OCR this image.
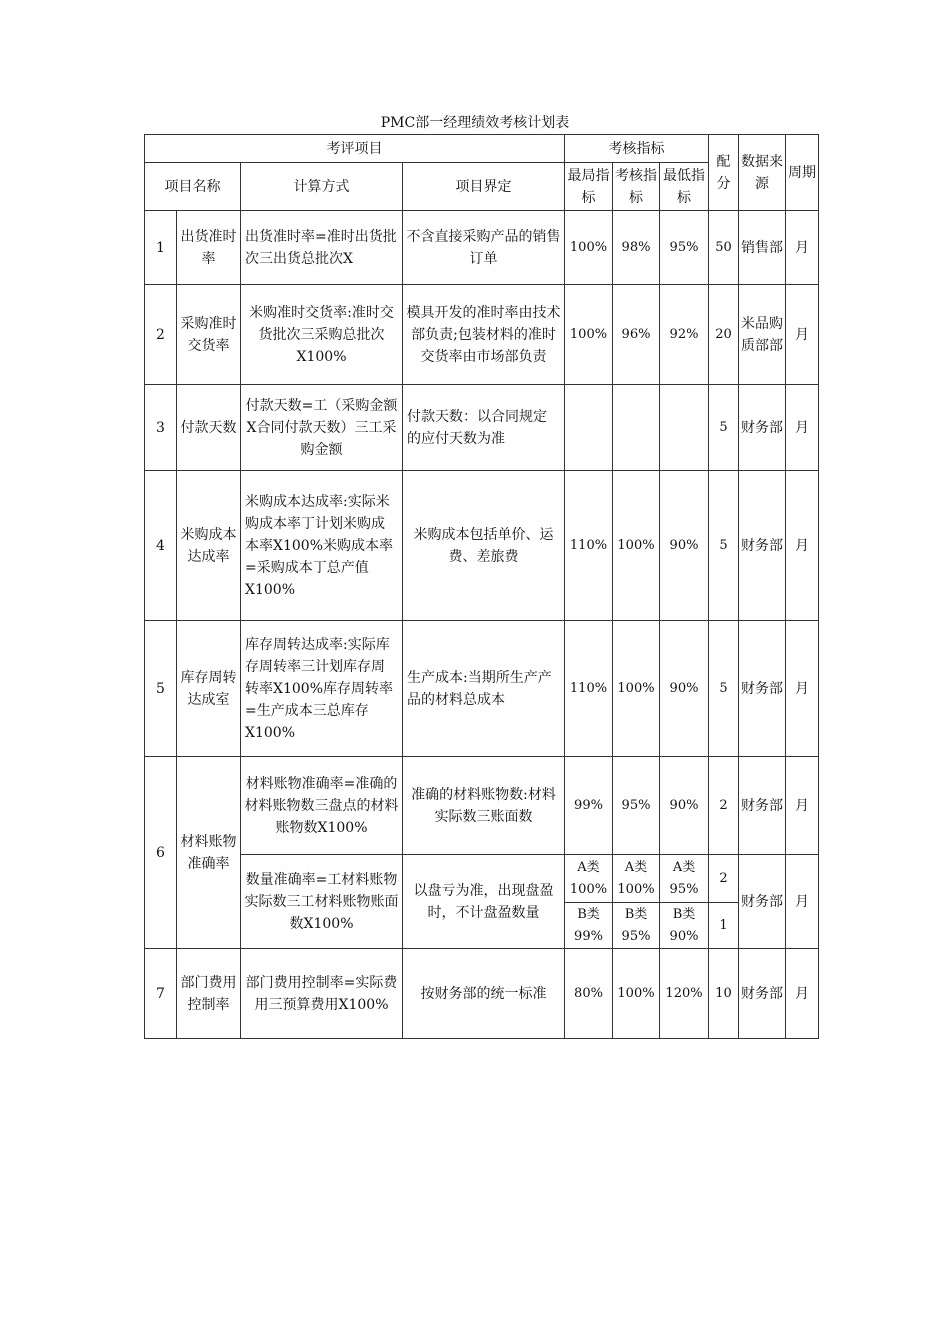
PMC部一经理绩效考核计划表
考评项目				考核指标			配分	数据来源	周期
项目名称		计算方式	项目界定	最局指标	考核指标	最低指标			
1	出货准时率	出货准时率=准时出货批次三出货总批次X	不含直接采购产品的销售订单	100%	98%	95%	50	销售部	月
2	采购准时交货率	米购准时交货率:准时交货批次三采购总批次X100%	模具开发的准时率由技术部负责;包装材料的准时交货率由市场部负责	100%	96%	92%	20	米品购质部部	月
3	付款天数	付款天数=工（采购金额X合同付款天数）三工采购金额	付款天数：以合同规定的应付天数为准				5	财务部	月
4	米购成本达成率	米购成本达成率:实际米购成本率丁计划米购成本率X100%米购成本率=采购成本丁总产值X100%	米购成本包括单价、运费、差旅费	110%	100%	90%	5	财务部	月
5	库存周转达成室	库存周转达成率:实际库存周转率三计划库存周转率X100%库存周转率=生产成本三总库存X100%	生产成本:当期所生产产品的材料总成本	110%	100%	90%	5	财务部	月
6	材料账物准确率	材料账物准确率=准确的材料账物数三盘点的材料账物数X100%	准确的材料账物数:材料实际数三账面数	99%	95%	90%	2	财务部	月
		数量准确率=工材料账物实际数三工材料账物账面数X100%	以盘亏为准，出现盘盈时，不计盘盈数量	A类100%	A类100%	A类95%	2	财务部	月
				B类99%	B类95%	B类90%	1		
7	部门费用控制率	部门费用控制率=实际费用三预算费用X100%	按财务部的统一标准	80%	100%	120%	10	财务部	月
